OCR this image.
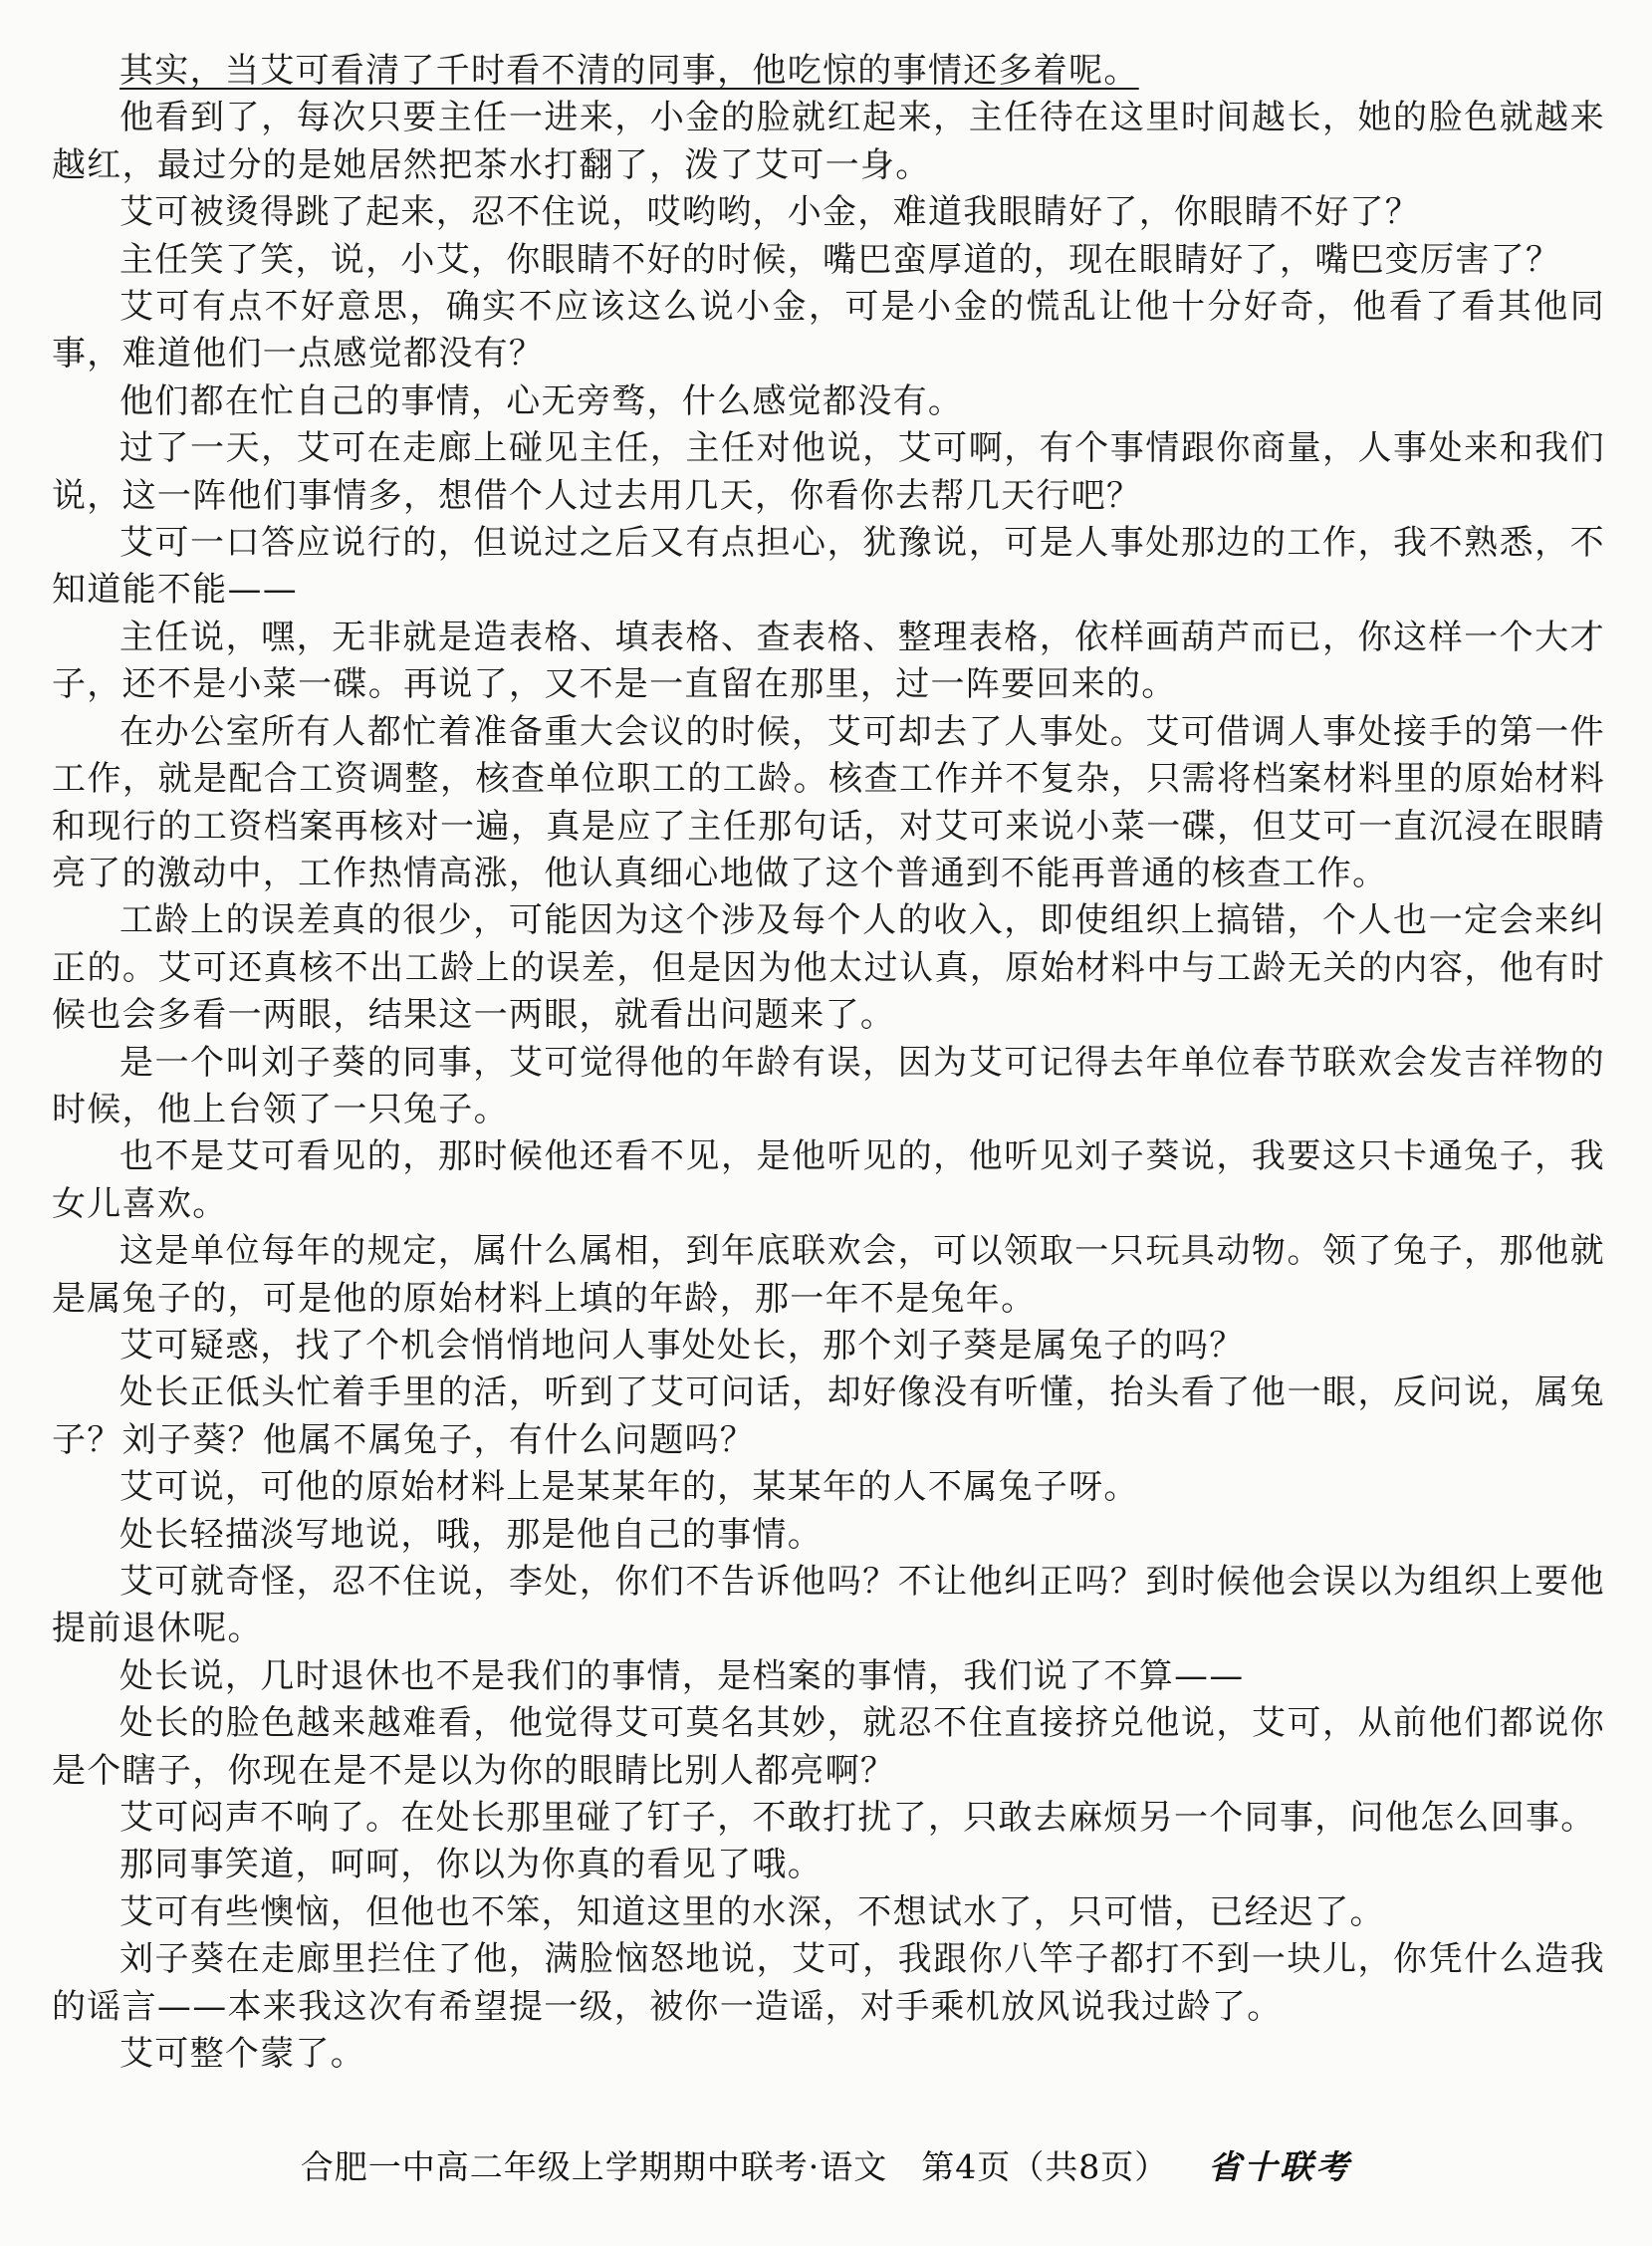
其实，当艾可看清了千时看不清的同事，他吃惊的事情还多着呢。

他看到了，每次只要主任一进来，小金的脸就红起来，主任待在这里时间越长，她的脸色就越来越红，最过分的是她居然把茶水打翻了，泼了艾可一身。

艾可被烫得跳了起来，忍不住说，哎哟哟，小金，难道我眼睛好了，你眼睛不好了？

主任笑了笑，说，小艾，你眼睛不好的时候，嘴巴蛮厚道的，现在眼睛好了，嘴巴变厉害了？

艾可有点不好意思，确实不应该这么说小金，可是小金的慌乱让他十分好奇，他看了看其他同事，难道他们一点感觉都没有？

他们都在忙自己的事情，心无旁骛，什么感觉都没有。

过了一天，艾可在走廊上碰见主任，主任对他说，艾可啊，有个事情跟你商量，人事处来和我们说，这一阵他们事情多，想借个人过去用几天，你看你去帮几天行吧？

艾可一口答应说行的，但说过之后又有点担心，犹豫说，可是人事处那边的工作，我不熟悉，不知道能不能——

主任说，嘿，无非就是造表格、填表格、查表格、整理表格，依样画葫芦而已，你这样一个大才子，还不是小菜一碟。再说了，又不是一直留在那里，过一阵要回来的。

在办公室所有人都忙着准备重大会议的时候，艾可却去了人事处。艾可借调人事处接手的第一件工作，就是配合工资调整，核查单位职工的工龄。核查工作并不复杂，只需将档案材料里的原始材料和现行的工资档案再核对一遍，真是应了主任那句话，对艾可来说小菜一碟，但艾可一直沉浸在眼睛亮了的激动中，工作热情高涨，他认真细心地做了这个普通到不能再普通的核查工作。

工龄上的误差真的很少，可能因为这个涉及每个人的收入，即使组织上搞错，个人也一定会来纠正的。艾可还真核不出工龄上的误差，但是因为他太过认真，原始材料中与工龄无关的内容，他有时候也会多看一两眼，结果这一两眼，就看出问题来了。

是一个叫刘子葵的同事，艾可觉得他的年龄有误，因为艾可记得去年单位春节联欢会发吉祥物的时候，他上台领了一只兔子。

也不是艾可看见的，那时候他还看不见，是他听见的，他听见刘子葵说，我要这只卡通兔子，我女儿喜欢。

这是单位每年的规定，属什么属相，到年底联欢会，可以领取一只玩具动物。领了兔子，那他就是属兔子的，可是他的原始材料上填的年龄，那一年不是兔年。

艾可疑惑，找了个机会悄悄地问人事处处长，那个刘子葵是属兔子的吗？

处长正低头忙着手里的活，听到了艾可问话，却好像没有听懂，抬头看了他一眼，反问说，属兔子？刘子葵？他属不属兔子，有什么问题吗？

艾可说，可他的原始材料上是某某年的，某某年的人不属兔子呀。

处长轻描淡写地说，哦，那是他自己的事情。

艾可就奇怪，忍不住说，李处，你们不告诉他吗？不让他纠正吗？到时候他会误以为组织上要他提前退休呢。

处长说，几时退休也不是我们的事情，是档案的事情，我们说了不算——

处长的脸色越来越难看，他觉得艾可莫名其妙，就忍不住直接挤兑他说，艾可，从前他们都说你是个瞎子，你现在是不是以为你的眼睛比别人都亮啊？

艾可闷声不响了。在处长那里碰了钉子，不敢打扰了，只敢去麻烦另一个同事，问他怎么回事。

那同事笑道，呵呵，你以为你真的看见了哦。

艾可有些懊恼，但他也不笨，知道这里的水深，不想试水了，只可惜，已经迟了。

刘子葵在走廊里拦住了他，满脸恼怒地说，艾可，我跟你八竿子都打不到一块儿，你凭什么造我的谣言——本来我这次有希望提一级，被你一造谣，对手乘机放风说我过龄了。

艾可整个蒙了。

合肥一中高二年级上学期期中联考·语文 第4页（共8页） 省十联考
